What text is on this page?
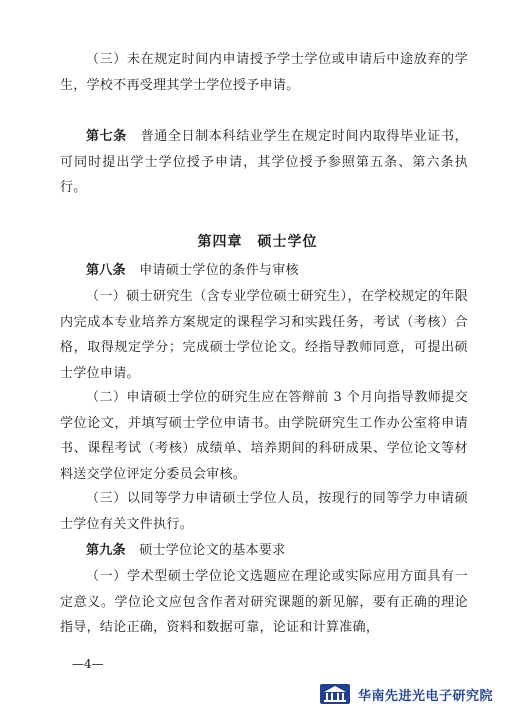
（三）未在规定时间内申请授予学士学位或申请后中途放弃的学生，学校不再受理其学士学位授予申请。

第七条　普通全日制本科结业学生在规定时间内取得毕业证书，可同时提出学士学位授予申请，其学位授予参照第五条、第六条执行。

第四章　硕士学位

第八条　申请硕士学位的条件与审核

（一）硕士研究生（含专业学位硕士研究生），在学校规定的年限内完成本专业培养方案规定的课程学习和实践任务，考试（考核）合格，取得规定学分；完成硕士学位论文。经指导教师同意，可提出硕士学位申请。

（二）申请硕士学位的研究生应在答辩前 3 个月向指导教师提交学位论文，并填写硕士学位申请书。由学院研究生工作办公室将申请书、课程考试（考核）成绩单、培养期间的科研成果、学位论文等材料送交学位评定分委员会审核。

（三）以同等学力申请硕士学位人员，按现行的同等学力申请硕士学位有关文件执行。

第九条　硕士学位论文的基本要求

（一）学术型硕士学位论文选题应在理论或实际应用方面具有一定意义。学位论文应包含作者对研究课题的新见解，要有正确的理论指导，结论正确，资料和数据可靠，论证和计算准确，

—4—
华南先进光电子研究院
